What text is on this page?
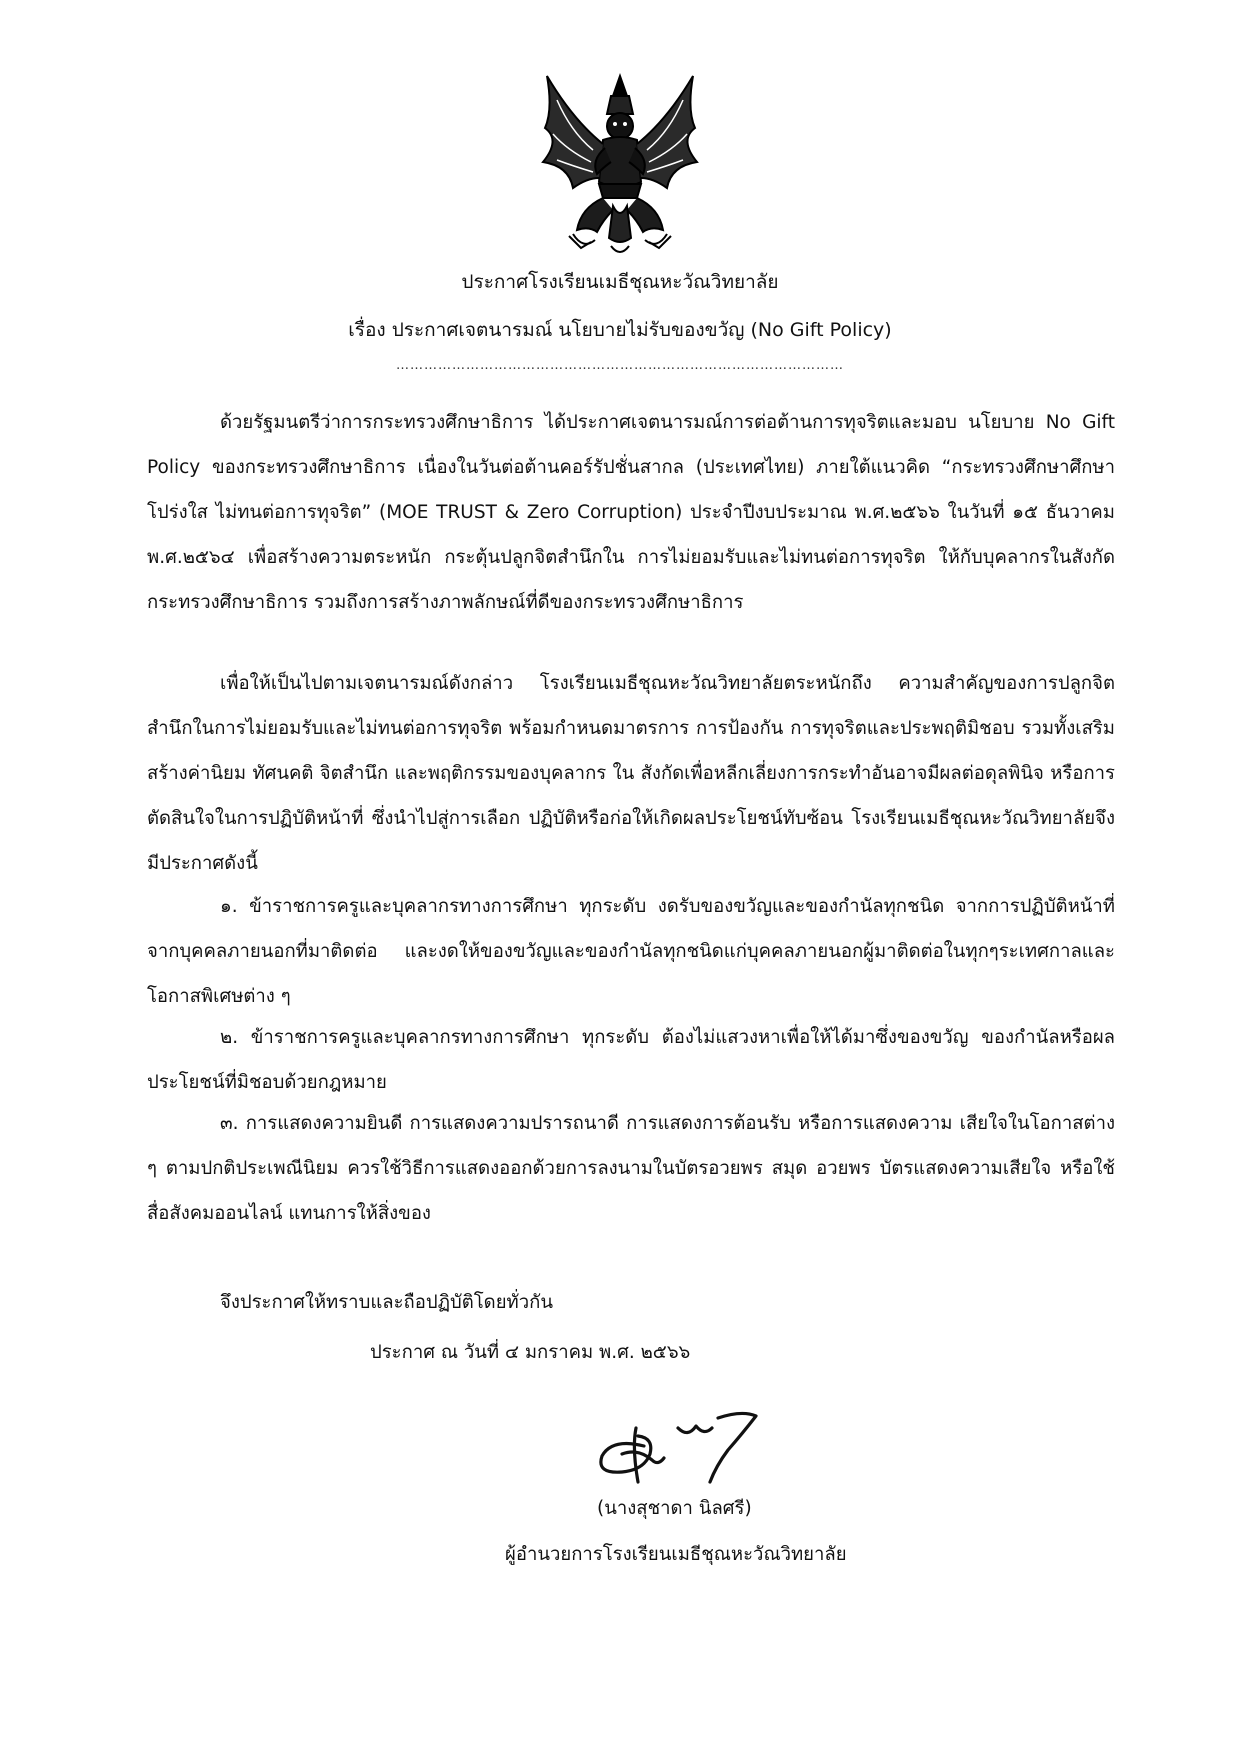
ประกาศโรงเรียนเมธีชุณหะวัณวิทยาลัย
เรื่อง ประกาศเจตนารมณ์ นโยบายไม่รับของขวัญ (No Gift Policy)
……………………………………………………………………………………

ด้วยรัฐมนตรีว่าการกระทรวงศึกษาธิการ ได้ประกาศเจตนารมณ์การต่อต้านการทุจริตและมอบ นโยบาย No Gift Policy ของกระทรวงศึกษาธิการ เนื่องในวันต่อต้านคอร์รัปชั่นสากล (ประเทศไทย) ภายใต้แนวคิด “กระทรวงศึกษาศึกษาโปร่งใส ไม่ทนต่อการทุจริต” (MOE TRUST & Zero Corruption) ประจำปีงบประมาณ พ.ศ.๒๕๖๖ ในวันที่ ๑๕ ธันวาคม พ.ศ.๒๕๖๔ เพื่อสร้างความตระหนัก กระตุ้นปลูกจิตสำนึกใน การไม่ยอมรับและไม่ทนต่อการทุจริต ให้กับบุคลากรในสังกัดกระทรวงศึกษาธิการ รวมถึงการสร้างภาพลักษณ์ที่ดีของกระทรวงศึกษาธิการ

เพื่อให้เป็นไปตามเจตนารมณ์ดังกล่าว โรงเรียนเมธีชุณหะวัณวิทยาลัยตระหนักถึง ความสำคัญของการปลูกจิตสำนึกในการไม่ยอมรับและไม่ทนต่อการทุจริต พร้อมกำหนดมาตรการ การป้องกัน การทุจริตและประพฤติมิชอบ รวมทั้งเสริมสร้างค่านิยม ทัศนคติ จิตสำนึก และพฤติกรรมของบุคลากร ใน สังกัดเพื่อหลีกเลี่ยงการกระทำอันอาจมีผลต่อดุลพินิจ หรือการตัดสินใจในการปฏิบัติหน้าที่ ซึ่งนำไปสู่การเลือก ปฏิบัติหรือก่อให้เกิดผลประโยชน์ทับซ้อน โรงเรียนเมธีชุณหะวัณวิทยาลัยจึงมีประกาศดังนี้

๑. ข้าราชการครูและบุคลากรทางการศึกษา ทุกระดับ งดรับของขวัญและของกำนัลทุกชนิด จากการปฏิบัติหน้าที่จากบุคคลภายนอกที่มาติดต่อ และงดให้ของขวัญและของกำนัลทุกชนิดแก่บุคคลภายนอกผู้มาติดต่อในทุกๆระเทศกาลและโอกาสพิเศษต่าง ๆ

๒. ข้าราชการครูและบุคลากรทางการศึกษา ทุกระดับ ต้องไม่แสวงหาเพื่อให้ได้มาซึ่งของขวัญ ของกำนัลหรือผลประโยชน์ที่มิชอบด้วยกฎหมาย

๓. การแสดงความยินดี การแสดงความปรารถนาดี การแสดงการต้อนรับ หรือการแสดงความ เสียใจในโอกาสต่าง ๆ ตามปกติประเพณีนิยม ควรใช้วิธีการแสดงออกด้วยการลงนามในบัตรอวยพร สมุด อวยพร บัตรแสดงความเสียใจ หรือใช้สื่อสังคมออนไลน์ แทนการให้สิ่งของ

จึงประกาศให้ทราบและถือปฏิบัติโดยทั่วกัน

ประกาศ ณ วันที่ ๔ มกราคม พ.ศ. ๒๕๖๖

(นางสุชาดา นิลศรี)

ผู้อำนวยการโรงเรียนเมธีชุณหะวัณวิทยาลัย
